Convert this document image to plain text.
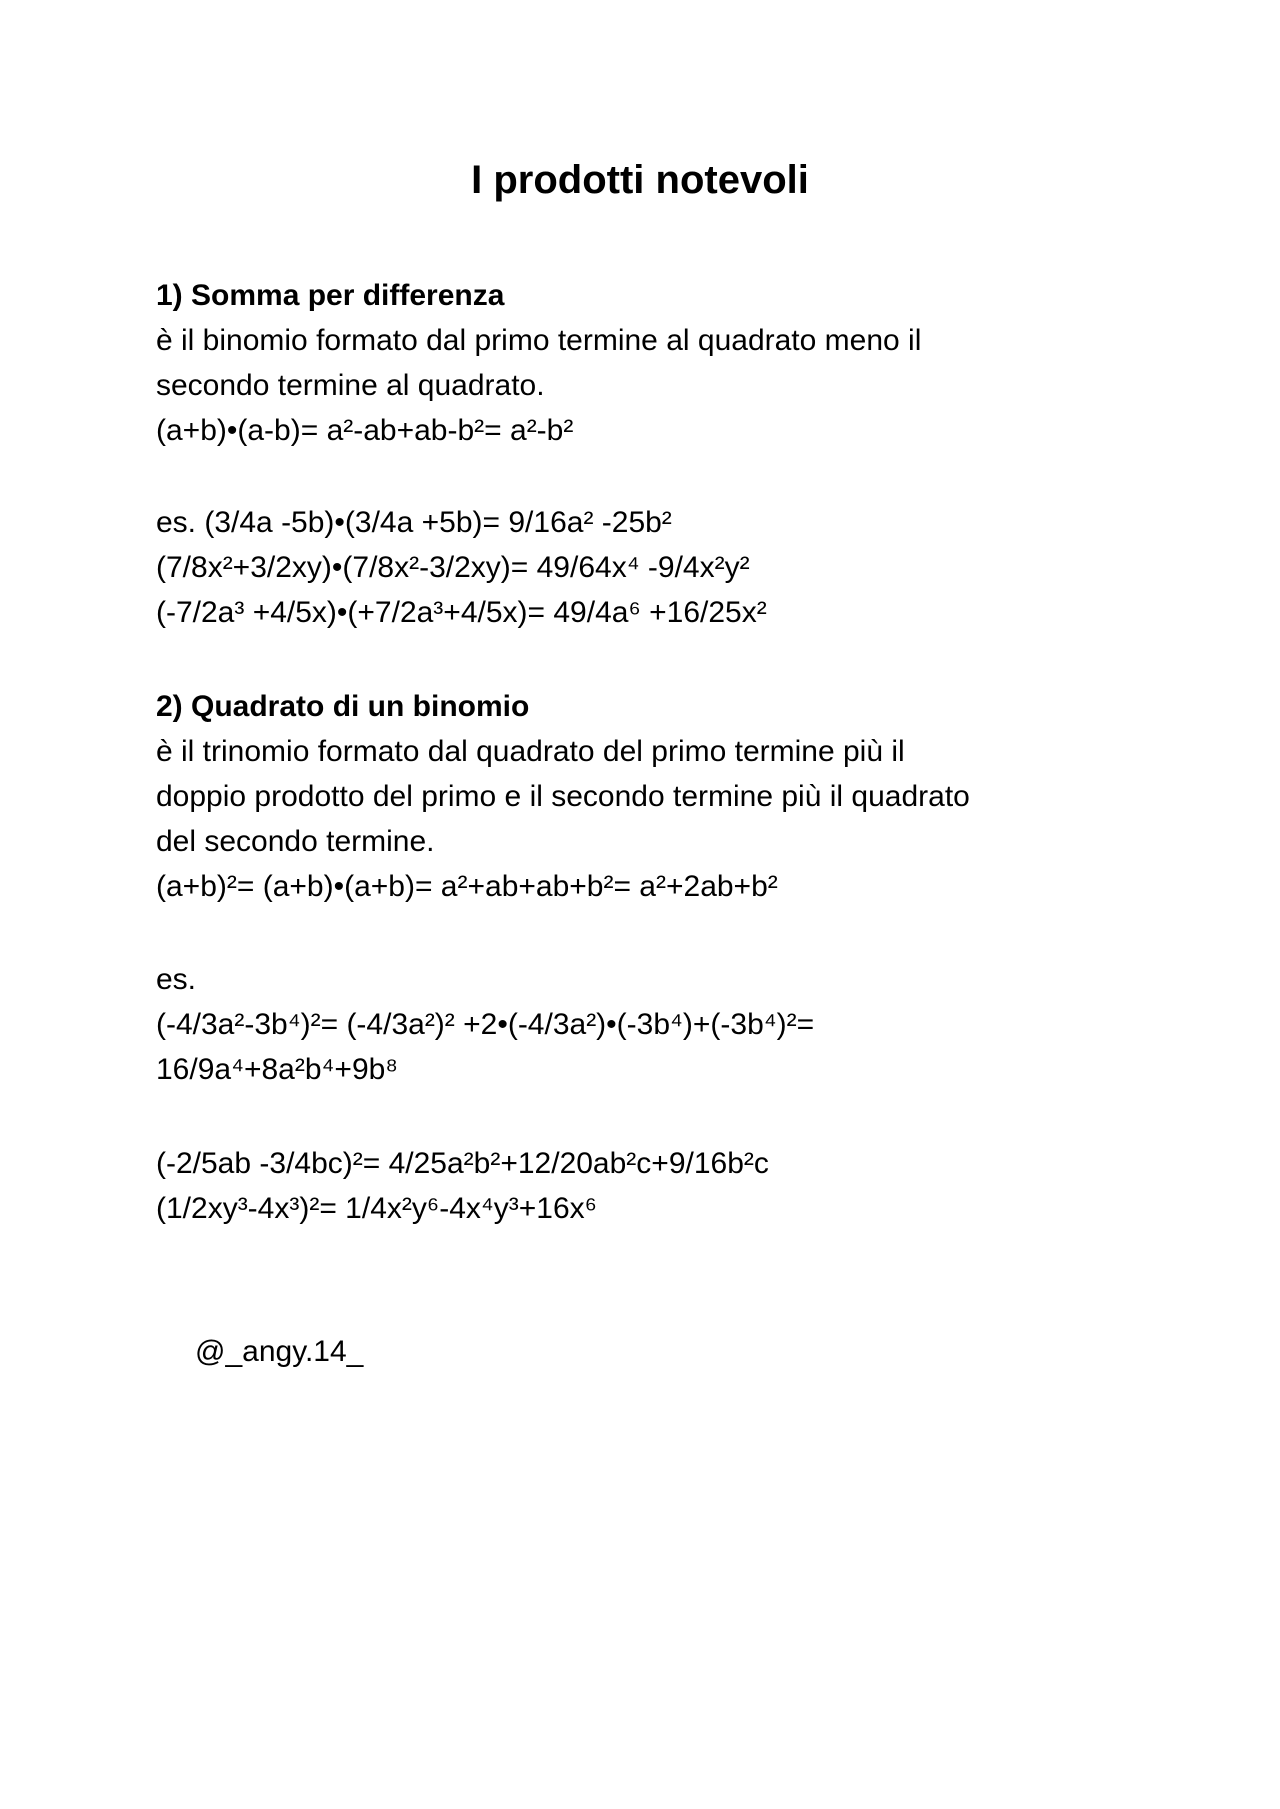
I prodotti notevoli

1) Somma per differenza

è il binomio formato dal primo termine al quadrato meno il

secondo termine al quadrato.

(a+b)•(a-b)= a²-ab+ab-b²= a²-b²

es. (3/4a -5b)•(3/4a +5b)= 9/16a² -25b²

(7/8x²+3/2xy)•(7/8x²-3/2xy)= 49/64x⁴ -9/4x²y²

(-7/2a³ +4/5x)•(+7/2a³+4/5x)= 49/4a⁶ +16/25x²

2) Quadrato di un binomio

è il trinomio formato dal quadrato del primo termine più il

doppio prodotto del primo e il secondo termine più il quadrato

del secondo termine.

(a+b)²= (a+b)•(a+b)= a²+ab+ab+b²= a²+2ab+b²

es.

(-4/3a²-3b⁴)²= (-4/3a²)² +2•(-4/3a²)•(-3b⁴)+(-3b⁴)²=

16/9a⁴+8a²b⁴+9b⁸

(-2/5ab -3/4bc)²= 4/25a²b²+12/20ab²c+9/16b²c

(1/2xy³-4x³)²= 1/4x²y⁶-4x⁴y³+16x⁶

@_angy.14_
